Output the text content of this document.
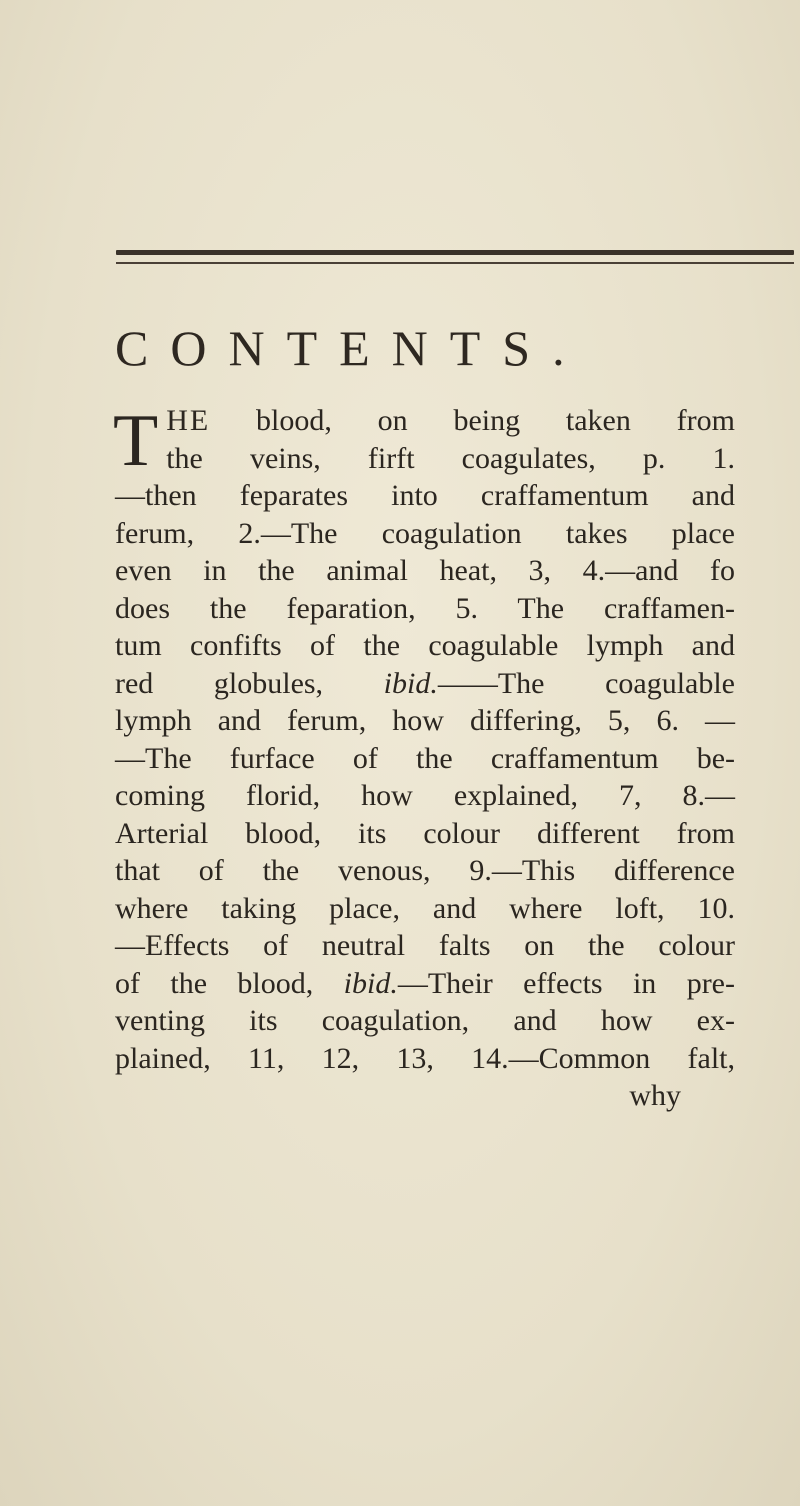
CONTENTS.
T HE blood, on being taken from
the veins, firft coagulates, p. 1.
—then feparates into craffamentum and
ferum, 2.—The coagulation takes place
even in the animal heat, 3, 4.—and fo
does the feparation, 5. The craffamen-
tum confifts of the coagulable lymph and
red globules, ibid.——The coagulable
lymph and ferum, how differing, 5, 6. —
—The furface of the craffamentum be-
coming florid, how explained, 7, 8.—
Arterial blood, its colour different from
that of the venous, 9.—This difference
where taking place, and where loft, 10.
—Effects of neutral falts on the colour
of the blood, ibid.—Their effects in pre-
venting its coagulation, and how ex-
plained, 11, 12, 13, 14.—Common falt,
why
